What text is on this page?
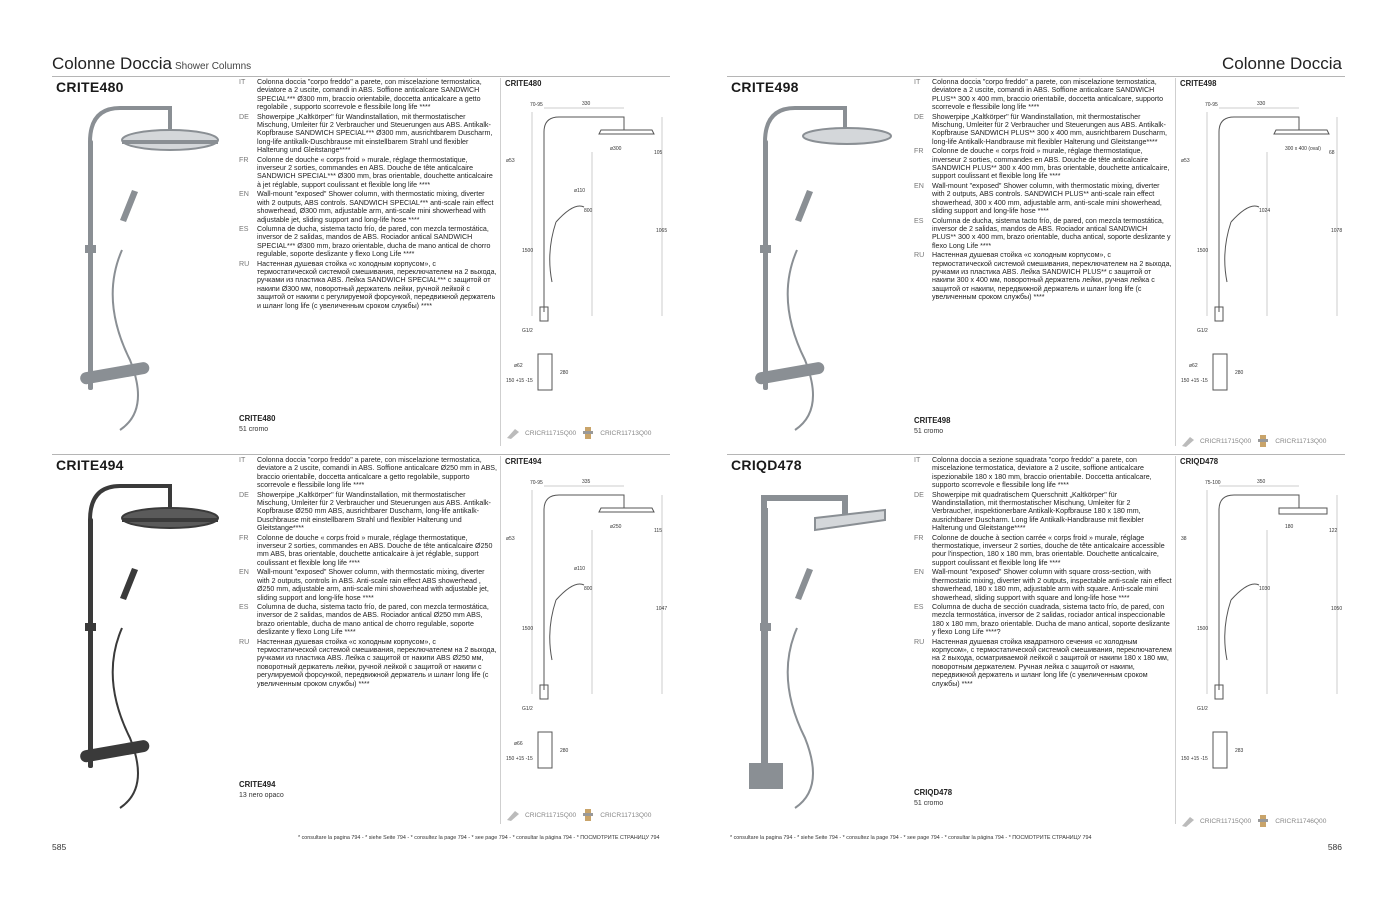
Colonne Doccia Shower Columns	Colonne Doccia
CRITE480	IT	Colonna doccia "corpo freddo" a parete, con miscelazione termostatica, deviatore a 2 uscite, comandi in ABS. Soffione anticalcare SANDWICH SPECIAL*** Ø300 mm, braccio orientabile, doccetta anticalcare a getto regolabile , supporto scorrevole e flessibile long life ****
DE	Showerpipe „Kaltkörper" für Wandinstallation, mit thermostatischer Mischung, Umleiter für 2 Verbraucher und Steuerungen aus ABS. Antikalk-Kopfbrause SANDWICH SPECIAL*** Ø300 mm, ausrichtbarem Duscharm, long-life antikalk-Duschbrause mit einstellbarem Strahl und flexibler Halterung und Gleitstange****
FR	Colonne de douche « corps froid » murale, réglage thermostatique, inverseur 2 sorties, commandes en ABS. Douche de tête anticalcaire SANDWICH SPECIAL*** Ø300 mm, bras orientable, douchette anticalcaire à jet réglable, support coulissant et flexible long life ****
EN	Wall-mount "exposed" Shower column, with thermostatic mixing, diverter with 2 outputs, ABS controls. SANDWICH SPECIAL*** anti-scale rain effect showerhead, Ø300 mm, adjustable arm, anti-scale mini showerhead with adjustable jet, sliding support and long-life hose ****
ES	Columna de ducha, sistema tacto frío, de pared, con mezcla termostática, inversor de 2 salidas, mandos de ABS. Rociador antical SANDWICH SPECIAL*** Ø300 mm, brazo orientable, ducha de mano antical de chorro regulable, soporte deslizante y flexo Long Life ****
RU	Настенная душевая стойка «с холодным корпусом», с термостатической системой смешивания, переключателем на 2 выхода, ручками из пластика ABS. Лейка SANDWICH SPECIAL*** с защитой от накипи Ø300 мм, поворотный держатель лейки, ручной лейкой с защитой от накипи с регулируемой форсункой, передвижной держатель и шланг long life (с увеличенным сроком службы) ****
CRITE480
51 cromo
CRITE480
70-95	330
105
1065
800
1500
ø53
ø300
ø110
G1/2
ø62
150 +15 -15
280
CRICR11715Q00	CRICR11713Q00
CRITE494	IT	Colonna doccia "corpo freddo" a parete, con miscelazione termostatica, deviatore a 2 uscite, comandi in ABS. Soffione anticalcare Ø250 mm in ABS, braccio orientabile, doccetta anticalcare a getto regolabile, supporto scorrevole e flessibile long life ****
DE	Showerpipe „Kaltkörper" für Wandinstallation, mit thermostatischer Mischung, Umleiter für 2 Verbraucher und Steuerungen aus ABS. Antikalk-Kopfbrause Ø250 mm ABS, ausrichtbarer Duscharm, long-life antikalk-Duschbrause mit einstellbarem Strahl und flexibler Halterung und Gleitstange****
FR	Colonne de douche « corps froid » murale, réglage thermostatique, inverseur 2 sorties, commandes en ABS. Douche de tête anticalcaire Ø250 mm ABS, bras orientable, douchette anticalcaire à jet réglable, support coulissant et flexible long life ****
EN	Wall-mount "exposed" Shower column, with thermostatic mixing, diverter with 2 outputs, controls in ABS. Anti-scale rain effect ABS showerhead , Ø250 mm, adjustable arm, anti-scale mini showerhead with adjustable jet, sliding support and long-life hose ****
ES	Columna de ducha, sistema tacto frío, de pared, con mezcla termostática, inversor de 2 salidas, mandos de ABS. Rociador antical Ø250 mm ABS, brazo orientable, ducha de mano antical de chorro regulable, soporte deslizante y flexo Long Life ****
RU	Настенная душевая стойка «с холодным корпусом», с термостатической системой смешивания, переключателем на 2 выхода, ручками из пластика ABS. Лейка с защитой от накипи ABS Ø250 мм, поворотный держатель лейки, ручной лейкой с защитой от накипи с регулируемой форсункой, передвижной держатель и шланг long life (с увеличенным сроком службы) ****
CRITE494
13 nero opaco
CRITE494
70-95	335
115
1047
800
1500
ø53
ø250
ø110
G1/2
ø66
150 +15 -15
280
CRICR11715Q00	CRICR11713Q00
CRITE498	IT	Colonna doccia "corpo freddo" a parete, con miscelazione termostatica, deviatore a 2 uscite, comandi in ABS. Soffione anticalcare SANDWICH PLUS** 300 x 400 mm, braccio orientabile, doccetta anticalcare, supporto scorrevole e flessibile long life ****
DE	Showerpipe „Kaltkörper" für Wandinstallation, mit thermostatischer Mischung, Umleiter für 2 Verbraucher und Steuerungen aus ABS. Antikalk-Kopfbrause SANDWICH PLUS** 300 x 400 mm, ausrichtbarem Duscharm, long-life Antikalk-Handbrause mit flexibler Halterung und Gleitstange****
FR	Colonne de douche « corps froid » murale, réglage thermostatique, inverseur 2 sorties, commandes en ABS. Douche de tête anticalcaire SANDWICH PLUS** 300 x 400 mm, bras orientable, douchette anticalcaire, support coulissant et flexible long life ****
EN	Wall-mount "exposed" Shower column, with thermostatic mixing, diverter with 2 outputs, ABS controls. SANDWICH PLUS** anti-scale rain effect showerhead, 300 x 400 mm, adjustable arm, anti-scale mini showerhead, sliding support and long-life hose ****
ES	Columna de ducha, sistema tacto frío, de pared, con mezcla termostática, inversor de 2 salidas, mandos de ABS. Rociador antical SANDWICH PLUS** 300 x 400 mm, brazo orientable, ducha antical, soporte deslizante y flexo Long Life ****
RU	Настенная душевая стойка «с холодным корпусом», с термостатической системой смешивания, переключателем на 2 выхода, ручками из пластика ABS. Лейка SANDWICH PLUS** с защитой от накипи 300 x 400 мм, поворотный держатель лейки, ручная лейка с защитой от накипи, передвижной держатель и шланг long life (с увеличенным сроком службы) ****
CRITE498
51 cromo
CRITE498
70-95	330
68
1078
1024
1500
ø53
300 x 400 (oval)
G1/2
ø62
150 +15 -15
280
CRICR11715Q00	CRICR11713Q00
CRIQD478	IT	Colonna doccia a sezione squadrata "corpo freddo" a parete, con miscelazione termostatica, deviatore a 2 uscite, soffione anticalcare ispezionabile 180 x 180 mm, braccio orientabile. Doccetta anticalcare, supporto scorrevole e flessibile long life ****
DE	Showerpipe mit quadratischem Querschnitt „Kaltkörper" für Wandinstallation, mit thermostatischer Mischung, Umleiter für 2 Verbraucher, inspektionerbare Antikalk-Kopfbrause 180 x 180 mm, ausrichtbarer Duscharm. Long life Antikalk-Handbrause mit flexibler Halterung und Gleitstange****
FR	Colonne de douche à section carrée « corps froid » murale, réglage thermostatique, inverseur 2 sorties, douche de tête anticalcaire accessible pour l'inspection, 180 x 180 mm, bras orientable. Douchette anticalcaire, support coulissant et flexible long life ****
EN	Wall-mount "exposed" Shower column with square cross-section, with thermostatic mixing, diverter with 2 outputs, inspectable anti-scale rain effect showerhead, 180 x 180 mm, adjustable arm with square. Anti-scale mini showerhead, sliding support with square and long-life hose ****
ES	Columna de ducha de sección cuadrada, sistema tacto frío, de pared, con mezcla termostática, inversor de 2 salidas, rociador antical inspeccionable 180 x 180 mm, brazo orientable. Ducha de mano antical, soporte deslizante y flexo Long Life ****?
RU	Настенная душевая стойка квадратного сечения «с холодным корпусом», с термостатической системой смешивания, переключателем на 2 выхода, осматриваемой лейкой с защитой от накипи 180 x 180 мм, поворотным держателем. Ручная лейка с защитой от накипи, передвижной держатель и шланг long life (с увеличенным сроком службы) ****
CRIQD478
51 cromo
CRIQD478
75-100	350
122
1050
1030
1500
38
180
G1/2
150 +15 -15
283
CRICR11715Q00	CRICR11746Q00
* consultare la pagina 794 - * siehe Seite 794 - * consultez la page 794 - * see page 794 - * consultar la página 794 - * ПОСМОТРИТЕ СТРАНИЦУ 794	* consultare la pagina 794 - * siehe Seite 794 - * consultez la page 794 - * see page 794 - * consultar la página 794 - * ПОСМОТРИТЕ СТРАНИЦУ 794
585	586
